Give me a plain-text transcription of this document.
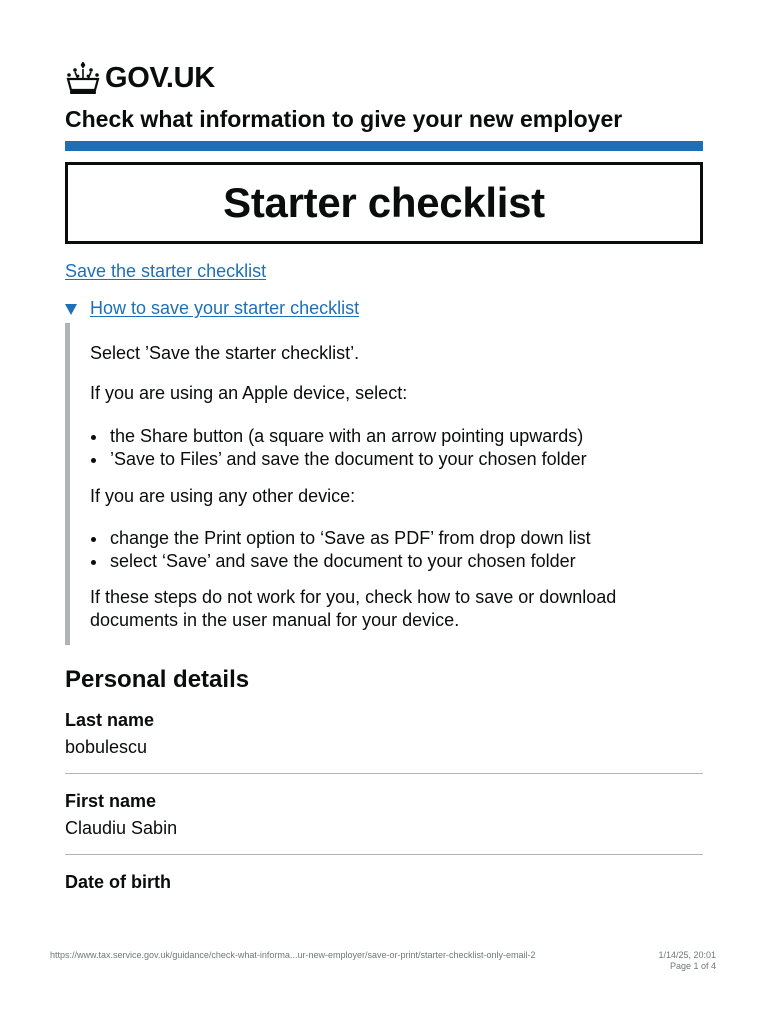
GOV.UK
Check what information to give your new employer
Starter checklist
Save the starter checklist
How to save your starter checklist

Select ’Save the starter checklist’.

If you are using an Apple device, select:

the Share button (a square with an arrow pointing upwards)
’Save to Files’ and save the document to your chosen folder

If you are using any other device:

change the Print option to ‘Save as PDF’ from drop down list
select ‘Save’ and save the document to your chosen folder

If these steps do not work for you, check how to save or download documents in the user manual for your device.

Personal details
Last name
bobulescu
First name
Claudiu Sabin
Date of birth
https://www.tax.service.gov.uk/guidance/check-what-informa...ur-new-employer/save-or-print/starter-checklist-only-email-2	1/14/25, 20:01
Page 1 of 4
